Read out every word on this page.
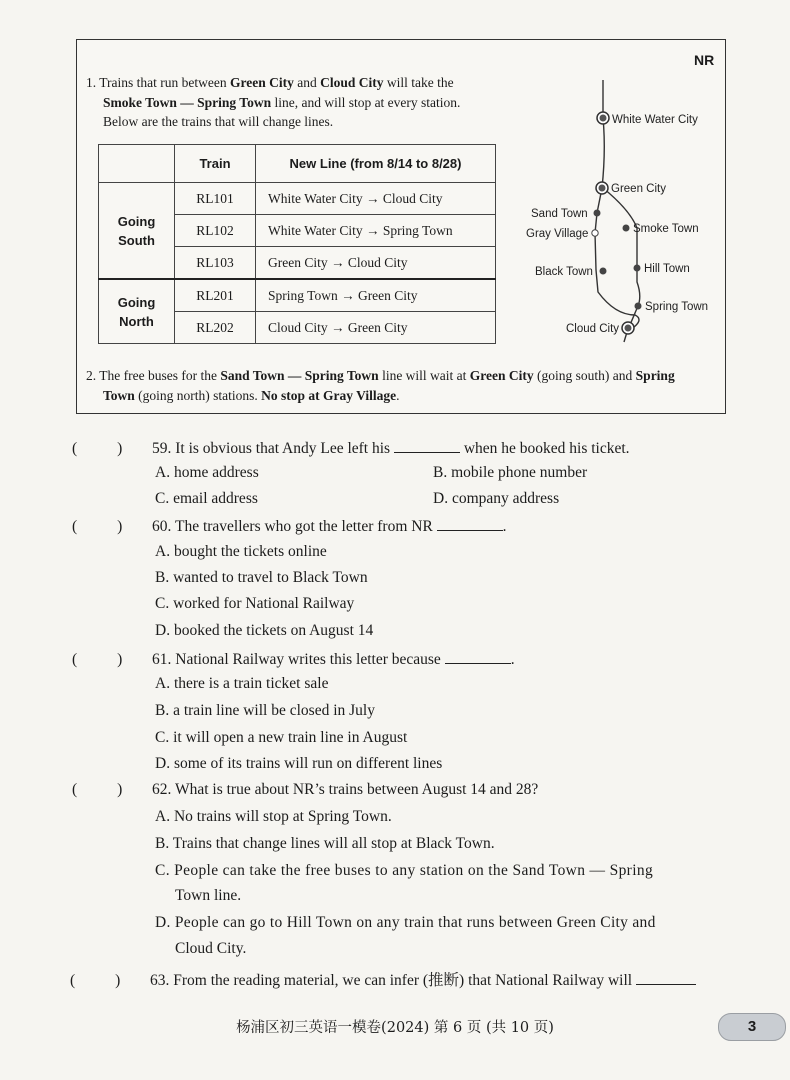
NR
1. Trains that run between Green City and Cloud City will take the
Smoke Town — Spring Town line, and will stop at every station.
Below are the trains that will change lines.
	Train	New Line (from 8/14 to 8/28)
Going
South	RL101	White Water City → Cloud City
	RL102	White Water City → Spring Town
	RL103	Green City → Cloud City
Going
North	RL201	Spring Town → Green City
	RL202	Cloud City → Green City
White Water City
Green City
Sand Town
Gray Village	Smoke Town
Hill Town
Black Town
Spring Town
Cloud City
2. The free buses for the Sand Town — Spring Town line will wait at Green City (going south) and Spring
Town (going north) stations. No stop at Gray Village.
(	) 59. It is obvious that Andy Lee left his	when he booked his ticket.
A. home address	B. mobile phone number
C. email address	D. company address
(	) 60. The travellers who got the letter from NR	.
A. bought the tickets online
B. wanted to travel to Black Town
C. worked for National Railway
D. booked the tickets on August 14
(	) 61. National Railway writes this letter because	.
A. there is a train ticket sale
B. a train line will be closed in July
C. it will open a new train line in August
D. some of its trains will run on different lines
(	) 62. What is true about NR’s trains between August 14 and 28?
A. No trains will stop at Spring Town.
B. Trains that change lines will all stop at Black Town.
C. People can take the free buses to any station on the Sand Town — Spring
Town line.
D. People can go to Hill Town on any train that runs between Green City and
Cloud City.
(	) 63. From the reading material, we can infer (推断) that National Railway will
杨浦区初三英语一模卷(2024) 第 6 页 (共 10 页)	3
